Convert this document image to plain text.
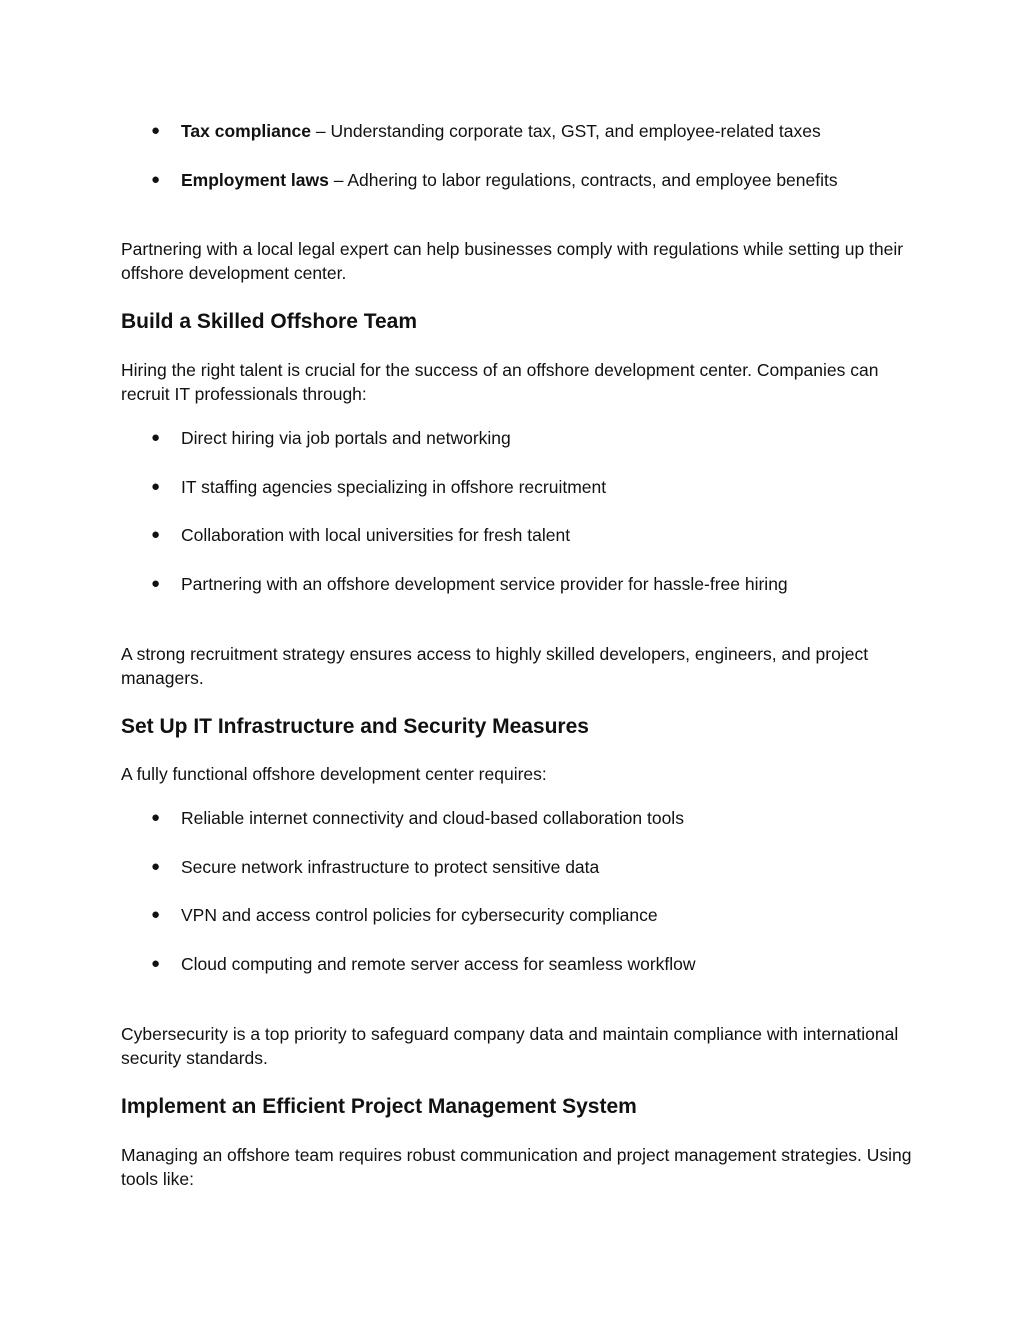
● Tax compliance – Understanding corporate tax, GST, and employee-related taxes
● Employment laws – Adhering to labor regulations, contracts, and employee benefits

Partnering with a local legal expert can help businesses comply with regulations while setting up their offshore development center.

Build a Skilled Offshore Team

Hiring the right talent is crucial for the success of an offshore development center. Companies can recruit IT professionals through:

● Direct hiring via job portals and networking
● IT staffing agencies specializing in offshore recruitment
● Collaboration with local universities for fresh talent
● Partnering with an offshore development service provider for hassle-free hiring

A strong recruitment strategy ensures access to highly skilled developers, engineers, and project managers.

Set Up IT Infrastructure and Security Measures

A fully functional offshore development center requires:

● Reliable internet connectivity and cloud-based collaboration tools
● Secure network infrastructure to protect sensitive data
● VPN and access control policies for cybersecurity compliance
● Cloud computing and remote server access for seamless workflow

Cybersecurity is a top priority to safeguard company data and maintain compliance with international security standards.

Implement an Efficient Project Management System

Managing an offshore team requires robust communication and project management strategies. Using tools like:
